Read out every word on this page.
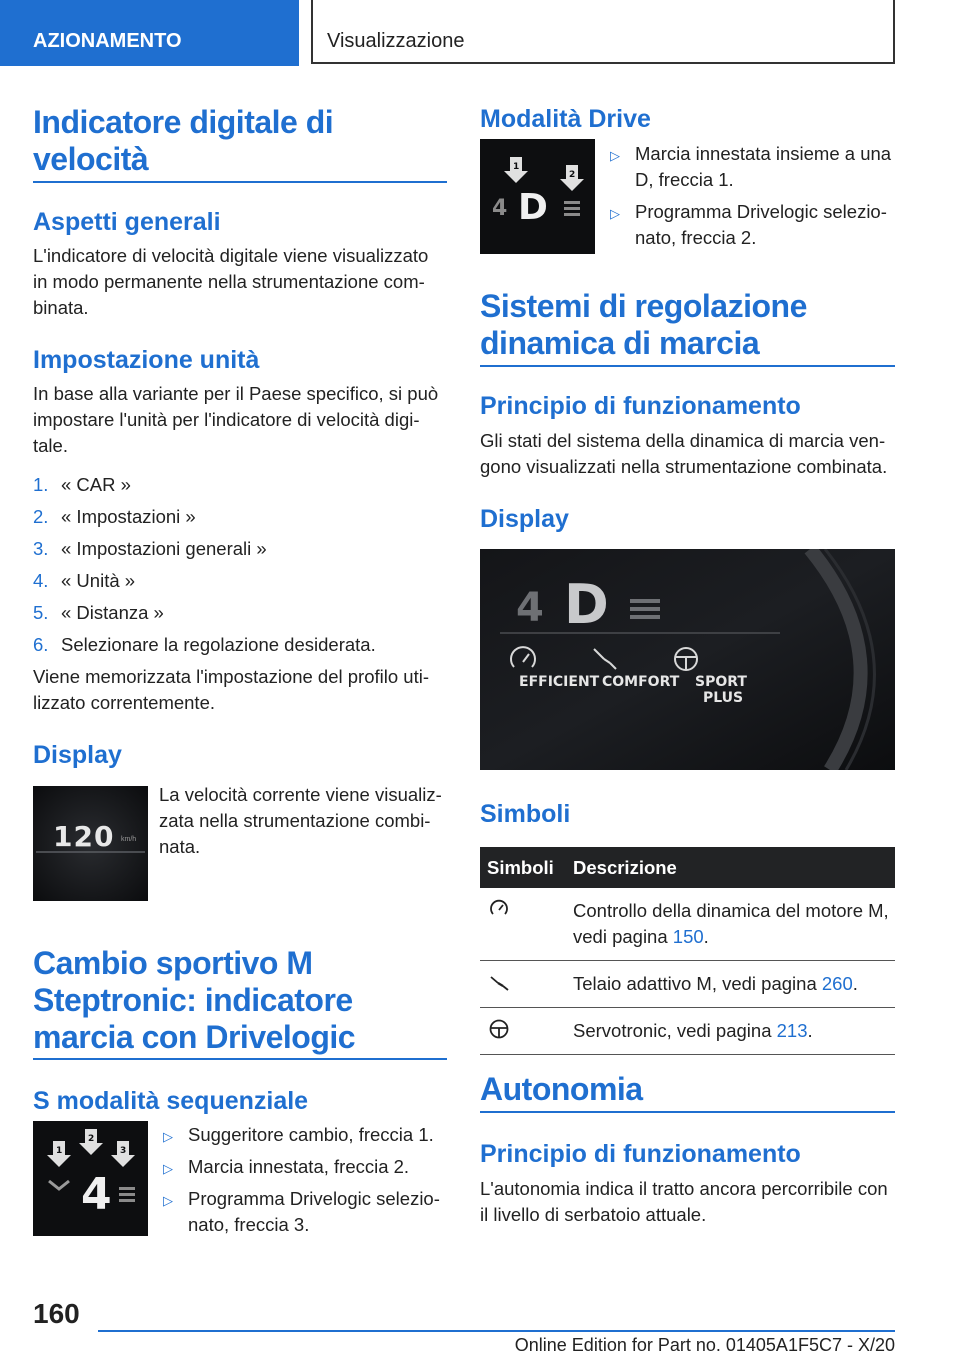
AZIONAMENTO	Visualizzazione
Indicatore digitale di velocità
Aspetti generali
L'indicatore di velocità digitale viene visualizzato in modo permanente nella strumentazione com-binata.
Impostazione unità
In base alla variante per il Paese specifico, si può impostare l'unità per l'indicatore di velocità digi-tale.
1. « CAR »
2. « Impostazioni »
3. « Impostazioni generali »
4. « Unità »
5. « Distanza »
6. Selezionare la regolazione desiderata.
Viene memorizzata l'impostazione del profilo uti-lizzato correntemente.
Display
120 km/h
La velocità corrente viene visualiz-zata nella strumentazione combi-nata.
Cambio sportivo M Steptronic: indicatore marcia con Drivelogic
S modalità sequenziale
1
2
3
4
▷ Suggeritore cambio, freccia 1.
▷ Marcia innestata, freccia 2.
▷ Programma Drivelogic selezio-nato, freccia 3.
Modalità Drive
1
2
4 D
▷ Marcia innestata insieme a una D, freccia 1.
▷ Programma Drivelogic selezio-nato, freccia 2.
Sistemi di regolazione dinamica di marcia
Principio di funzionamento
Gli stati del sistema della dinamica di marcia ven-gono visualizzati nella strumentazione combinata.
Display
4 D
EFFICIENT COMFORT SPORT PLUS
Simboli
Simboli	Descrizione
	Controllo della dinamica del motore M, vedi pagina 150.
	Telaio adattivo M, vedi pagina 260.
	Servotronic, vedi pagina 213.
Autonomia
Principio di funzionamento
L'autonomia indica il tratto ancora percorribile con il livello di serbatoio attuale.
160
Online Edition for Part no. 01405A1F5C7 - X/20
